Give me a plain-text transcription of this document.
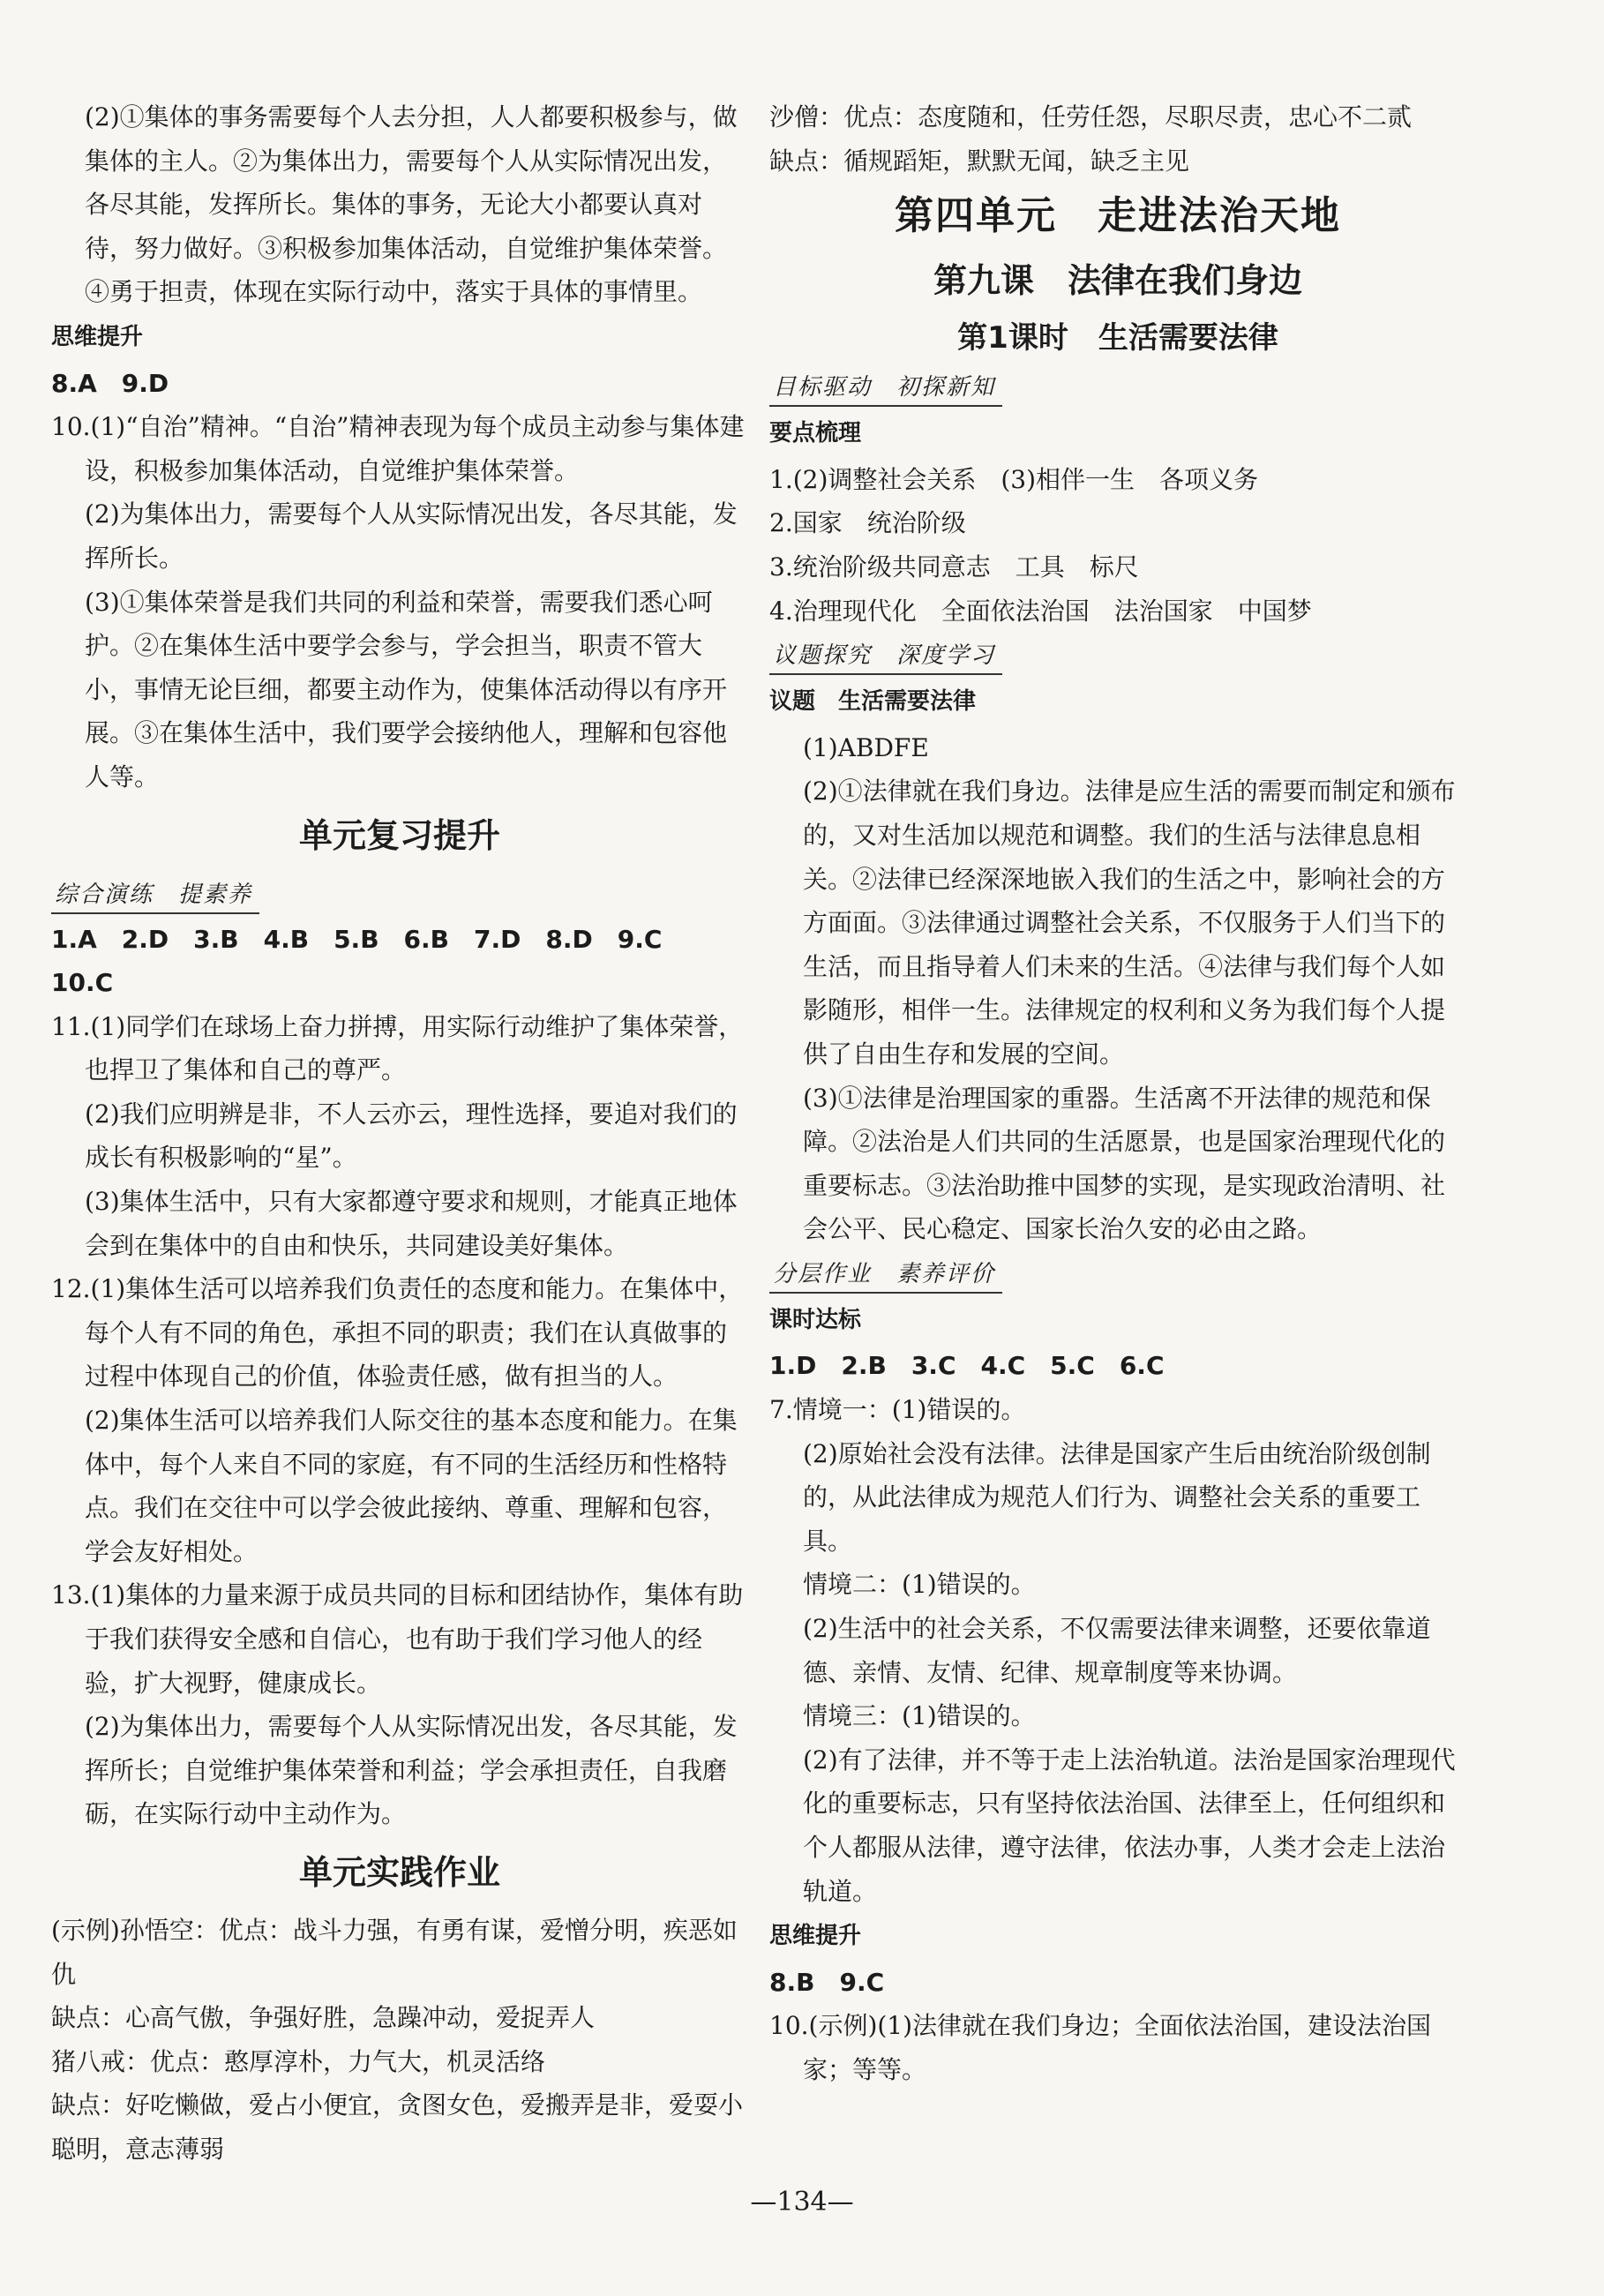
(2)①集体的事务需要每个人去分担，人人都要积极参与，做集体的主人。②为集体出力，需要每个人从实际情况出发，各尽其能，发挥所长。集体的事务，无论大小都要认真对待，努力做好。③积极参加集体活动，自觉维护集体荣誉。④勇于担责，体现在实际行动中，落实于具体的事情里。

思维提升

8.A　9.D

10.(1)“自治”精神。“自治”精神表现为每个成员主动参与集体建设，积极参加集体活动，自觉维护集体荣誉。

(2)为集体出力，需要每个人从实际情况出发，各尽其能，发挥所长。

(3)①集体荣誉是我们共同的利益和荣誉，需要我们悉心呵护。②在集体生活中要学会参与，学会担当，职责不管大小，事情无论巨细，都要主动作为，使集体活动得以有序开展。③在集体生活中，我们要学会接纳他人，理解和包容他人等。

单元复习提升
综合演练　提素养

1.A　2.D　3.B　4.B　5.B　6.B　7.D　8.D　9.C　10.C

11.(1)同学们在球场上奋力拼搏，用实际行动维护了集体荣誉，也捍卫了集体和自己的尊严。

(2)我们应明辨是非，不人云亦云，理性选择，要追对我们的成长有积极影响的“星”。

(3)集体生活中，只有大家都遵守要求和规则，才能真正地体会到在集体中的自由和快乐，共同建设美好集体。

12.(1)集体生活可以培养我们负责任的态度和能力。在集体中，每个人有不同的角色，承担不同的职责；我们在认真做事的过程中体现自己的价值，体验责任感，做有担当的人。

(2)集体生活可以培养我们人际交往的基本态度和能力。在集体中，每个人来自不同的家庭，有不同的生活经历和性格特点。我们在交往中可以学会彼此接纳、尊重、理解和包容，学会友好相处。

13.(1)集体的力量来源于成员共同的目标和团结协作，集体有助于我们获得安全感和自信心，也有助于我们学习他人的经验，扩大视野，健康成长。

(2)为集体出力，需要每个人从实际情况出发，各尽其能，发挥所长；自觉维护集体荣誉和利益；学会承担责任，自我磨砺，在实际行动中主动作为。

单元实践作业

(示例)孙悟空：优点：战斗力强，有勇有谋，爱憎分明，疾恶如仇

缺点：心高气傲，争强好胜，急躁冲动，爱捉弄人

猪八戒：优点：憨厚淳朴，力气大，机灵活络

缺点：好吃懒做，爱占小便宜，贪图女色，爱搬弄是非，爱耍小聪明，意志薄弱

沙僧：优点：态度随和，任劳任怨，尽职尽责，忠心不二贰

缺点：循规蹈矩，默默无闻，缺乏主见

第四单元　走进法治天地
第九课　法律在我们身边
第1课时　生活需要法律
目标驱动　初探新知

要点梳理

1.(2)调整社会关系　(3)相伴一生　各项义务

2.国家　统治阶级

3.统治阶级共同意志　工具　标尺

4.治理现代化　全面依法治国　法治国家　中国梦

议题探究　深度学习

议题　生活需要法律

(1)ABDFE

(2)①法律就在我们身边。法律是应生活的需要而制定和颁布的，又对生活加以规范和调整。我们的生活与法律息息相关。②法律已经深深地嵌入我们的生活之中，影响社会的方方面面。③法律通过调整社会关系，不仅服务于人们当下的生活，而且指导着人们未来的生活。④法律与我们每个人如影随形，相伴一生。法律规定的权利和义务为我们每个人提供了自由生存和发展的空间。

(3)①法律是治理国家的重器。生活离不开法律的规范和保障。②法治是人们共同的生活愿景，也是国家治理现代化的重要标志。③法治助推中国梦的实现，是实现政治清明、社会公平、民心稳定、国家长治久安的必由之路。

分层作业　素养评价

课时达标

1.D　2.B　3.C　4.C　5.C　6.C

7.情境一：(1)错误的。

(2)原始社会没有法律。法律是国家产生后由统治阶级创制的，从此法律成为规范人们行为、调整社会关系的重要工具。

情境二：(1)错误的。

(2)生活中的社会关系，不仅需要法律来调整，还要依靠道德、亲情、友情、纪律、规章制度等来协调。

情境三：(1)错误的。

(2)有了法律，并不等于走上法治轨道。法治是国家治理现代化的重要标志，只有坚持依法治国、法律至上，任何组织和个人都服从法律，遵守法律，依法办事，人类才会走上法治轨道。

思维提升

8.B　9.C

10.(示例)(1)法律就在我们身边；全面依法治国，建设法治国家；等等。

—134—
